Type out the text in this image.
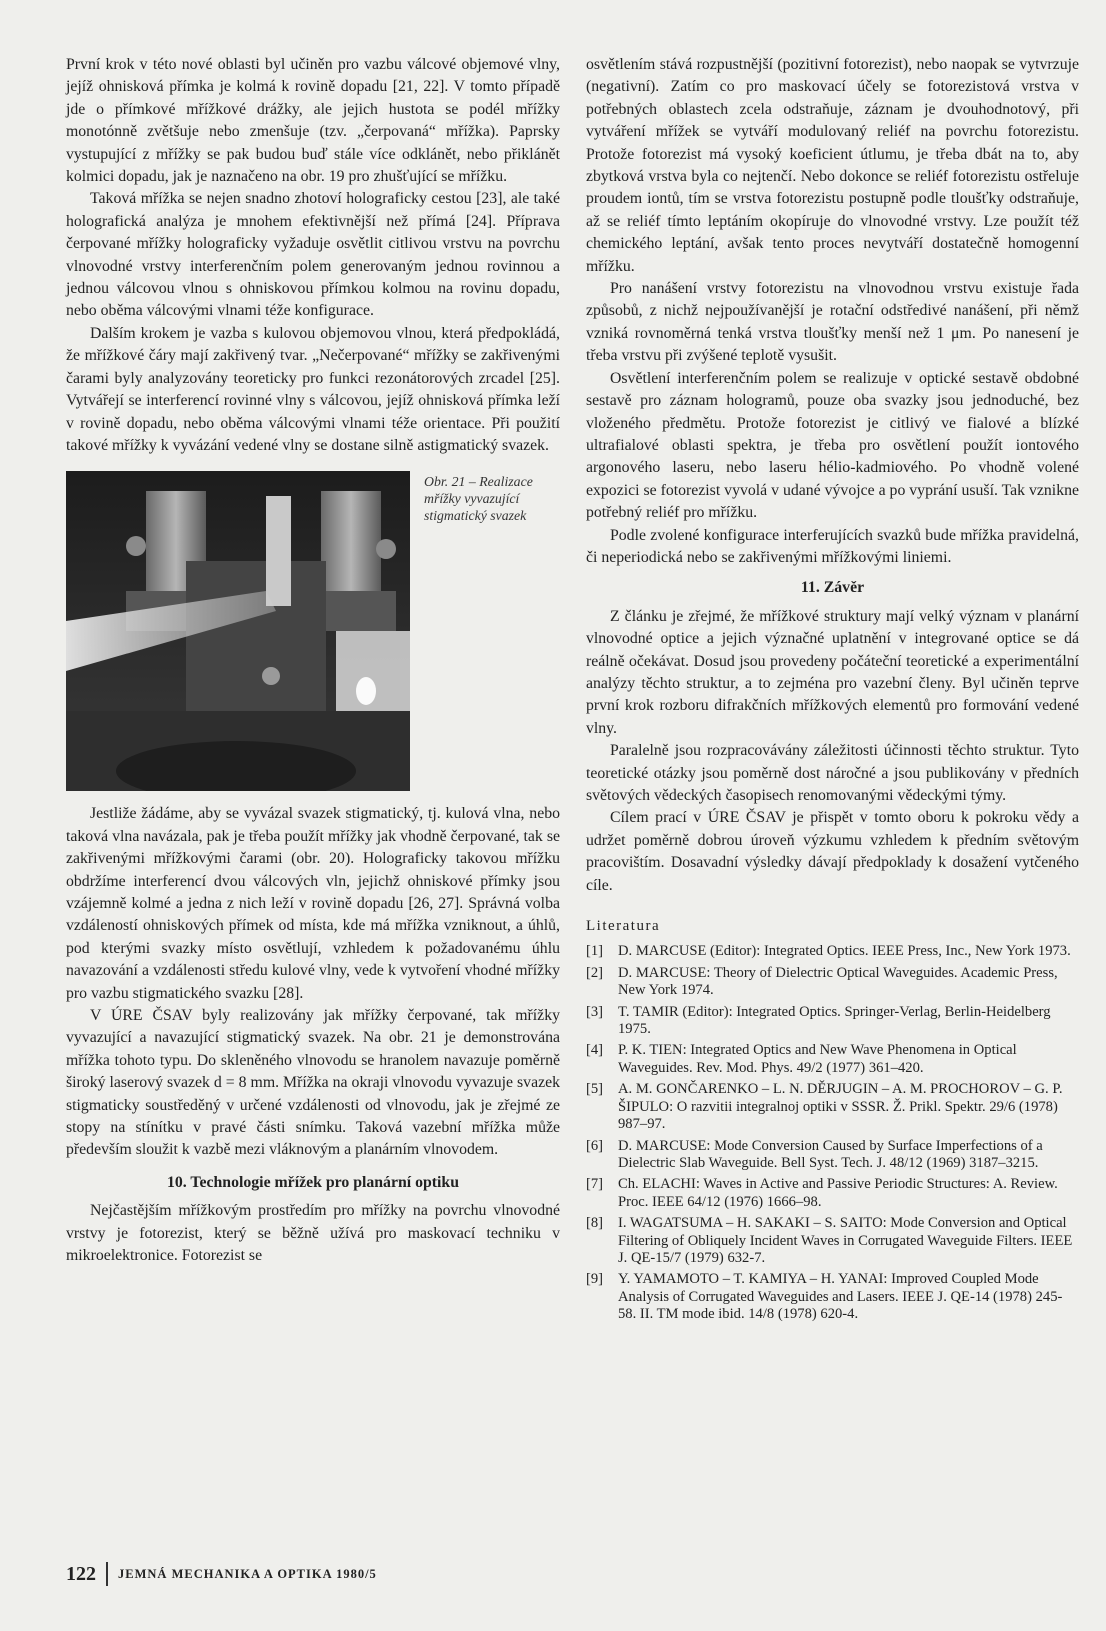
První krok v této nové oblasti byl učiněn pro vazbu válcové objemové vlny, jejíž ohnisková přímka je kolmá k rovině dopadu [21, 22]. V tomto případě jde o přímkové mřížkové drážky, ale jejich hustota se podél mřížky monotónně zvětšuje nebo zmenšuje (tzv. „čerpovaná“ mřížka). Paprsky vystupující z mřížky se pak budou buď stále více odklánět, nebo přiklánět kolmici dopadu, jak je naznačeno na obr. 19 pro zhušťující se mřížku.

Taková mřížka se nejen snadno zhotoví holograficky cestou [23], ale také holografická analýza je mnohem efektivnější než přímá [24]. Příprava čerpované mřížky holograficky vyžaduje osvětlit citlivou vrstvu na povrchu vlnovodné vrstvy interferenčním polem generovaným jednou rovinnou a jednou válcovou vlnou s ohniskovou přímkou kolmou na rovinu dopadu, nebo oběma válcovými vlnami téže konfigurace.

Dalším krokem je vazba s kulovou objemovou vlnou, která předpokládá, že mřížkové čáry mají zakřivený tvar. „Nečerpované“ mřížky se zakřivenými čarami byly analyzovány teoreticky pro funkci rezonátorových zrcadel [25]. Vytvářejí se interferencí rovinné vlny s válcovou, jejíž ohnisková přímka leží v rovině dopadu, nebo oběma válcovými vlnami téže orientace. Při použití takové mřížky k vyvázání vedené vlny se dostane silně astigmatický svazek.

Obr. 21 – Realizace mřížky vyvazující stigmatický svazek

Jestliže žádáme, aby se vyvázal svazek stigmatický, tj. kulová vlna, nebo taková vlna navázala, pak je třeba použít mřížky jak vhodně čerpované, tak se zakřivenými mřížkovými čarami (obr. 20). Holografickу takovou mřížku obdržíme interferencí dvou válcových vln, jejichž ohniskové přímky jsou vzájemně kolmé a jedna z nich leží v rovině dopadu [26, 27]. Správná volba vzdáleností ohniskových přímek od místa, kde má mřížka vzniknout, a úhlů, pod kterými svazky místo osvětlují, vzhledem k požadovanému úhlu navazování a vzdálenosti středu kulové vlny, vede k vytvoření vhodné mřížky pro vazbu stigmatického svazku [28].

V ÚRE ČSAV byly realizovány jak mřížky čerpované, tak mřížky vyvazující a navazující stigmatický svazek. Na obr. 21 je demonstrována mřížka tohoto typu. Do skleněného vlnovodu se hranolem navazuje poměrně široký laserový svazek d = 8 mm. Mřížka na okraji vlnovodu vyvazuje svazek stigmaticky soustředěný v určené vzdálenosti od vlnovodu, jak je zřejmé ze stopy na stínítku v pravé části snímku. Taková vazební mřížka může především sloužit k vazbě mezi vláknovým a planárním vlnovodem.

10. Technologie mřížek pro planární optiku

Nejčastějším mřížkovým prostředím pro mřížky na povrchu vlnovodné vrstvy je fotorezist, který se běžně užívá pro maskovací techniku v mikroelektronice. Fotorezist se

osvětlením stává rozpustnější (pozitivní fotorezist), nebo naopak se vytvrzuje (negativní). Zatím co pro maskovací účely se fotorezistová vrstva v potřebných oblastech zcela odstraňuje, záznam je dvouhodnotový, při vytváření mřížek se vytváří modulovaný reliéf na povrchu fotorezistu. Protože fotorezist má vysoký koeficient útlumu, je třeba dbát na to, aby zbytková vrstva byla co nejtenčí. Nebo dokonce se reliéf fotorezistu ostřeluje proudem iontů, tím se vrstva fotorezistu postupně podle tloušťky odstraňuje, až se reliéf tímto leptáním okopíruje do vlnovodné vrstvy. Lze použít též chemického leptání, avšak tento proces nevytváří dostatečně homogenní mřížku.

Pro nanášení vrstvy fotorezistu na vlnovodnou vrstvu existuje řada způsobů, z nichž nejpoužívanější je rotační odstředivé nanášení, při němž vzniká rovnoměrná tenká vrstva tloušťky menší než 1 μm. Po nanesení je třeba vrstvu při zvýšené teplotě vysušit.

Osvětlení interferenčním polem se realizuje v optické sestavě obdobné sestavě pro záznam hologramů, pouze oba svazky jsou jednoduché, bez vloženého předmětu. Protože fotorezist je citlivý ve fialové a blízké ultrafialové oblasti spektra, je třeba pro osvětlení použít iontového argonového laseru, nebo laseru hélio-kadmiového. Po vhodně volené expozici se fotorezist vyvolá v udané vývojce a po vyprání usuší. Tak vznikne potřebný reliéf pro mřížku.

Podle zvolené konfigurace interferujících svazků bude mřížka pravidelná, či neperiodická nebo se zakřivenými mřížkovými liniemi.

11. Závěr

Z článku je zřejmé, že mřížkové struktury mají velký význam v planární vlnovodné optice a jejich význačné uplatnění v integrované optice se dá reálně očekávat. Dosud jsou provedeny počáteční teoretické a experimentální analýzy těchto struktur, a to zejména pro vazební členy. Byl učiněn teprve první krok rozboru difrakčních mřížkových elementů pro formování vedené vlny.

Paralelně jsou rozpracovávány záležitosti účinnosti těchto struktur. Tyto teoretické otázky jsou poměrně dost náročné a jsou publikovány v předních světových vědeckých časopisech renomovanými vědeckými týmy.

Cílem prací v ÚRE ČSAV je přispět v tomto oboru k pokroku vědy a udržet poměrně dobrou úroveň výzkumu vzhledem k předním světovým pracovištím. Dosavadní výsledky dávají předpoklady k dosažení vytčeného cíle.

Literatura
[1]	D. MARCUSE (Editor): Integrated Optics. IEEE Press, Inc., New York 1973.
[2]	D. MARCUSE: Theory of Dielectric Optical Waveguides. Academic Press, New York 1974.
[3]	T. TAMIR (Editor): Integrated Optics. Springer-Verlag, Berlin-Heidelberg 1975.
[4]	P. K. TIEN: Integrated Optics and New Wave Phenomena in Optical Waveguides. Rev. Mod. Phys. 49/2 (1977) 361–420.
[5]	A. M. GONČARENKO – L. N. DĚRJUGIN – A. M. PROCHOROV – G. P. ŠIPULO: O razvitii integralnoj optiki v SSSR. Ž. Prikl. Spektr. 29/6 (1978) 987–97.
[6]	D. MARCUSE: Mode Conversion Caused by Surface Imperfections of a Dielectric Slab Waveguide. Bell Syst. Tech. J. 48/12 (1969) 3187–3215.
[7]	Ch. ELACHI: Waves in Active and Passive Periodic Structures: A. Review. Proc. IEEE 64/12 (1976) 1666–98.
[8]	I. WAGATSUMA – H. SAKAKI – S. SAITO: Mode Conversion and Optical Filtering of Obliquely Incident Waves in Corrugated Waveguide Filters. IEEE J. QE-15/7 (1979) 632-7.
[9]	Y. YAMAMOTO – T. KAMIYA – H. YANAI: Improved Coupled Mode Analysis of Corrugated Waveguides and Lasers. IEEE J. QE-14 (1978) 245-58. II. TM mode ibid. 14/8 (1978) 620-4.
122 JEMNÁ MECHANIKA A OPTIKA 1980/5
